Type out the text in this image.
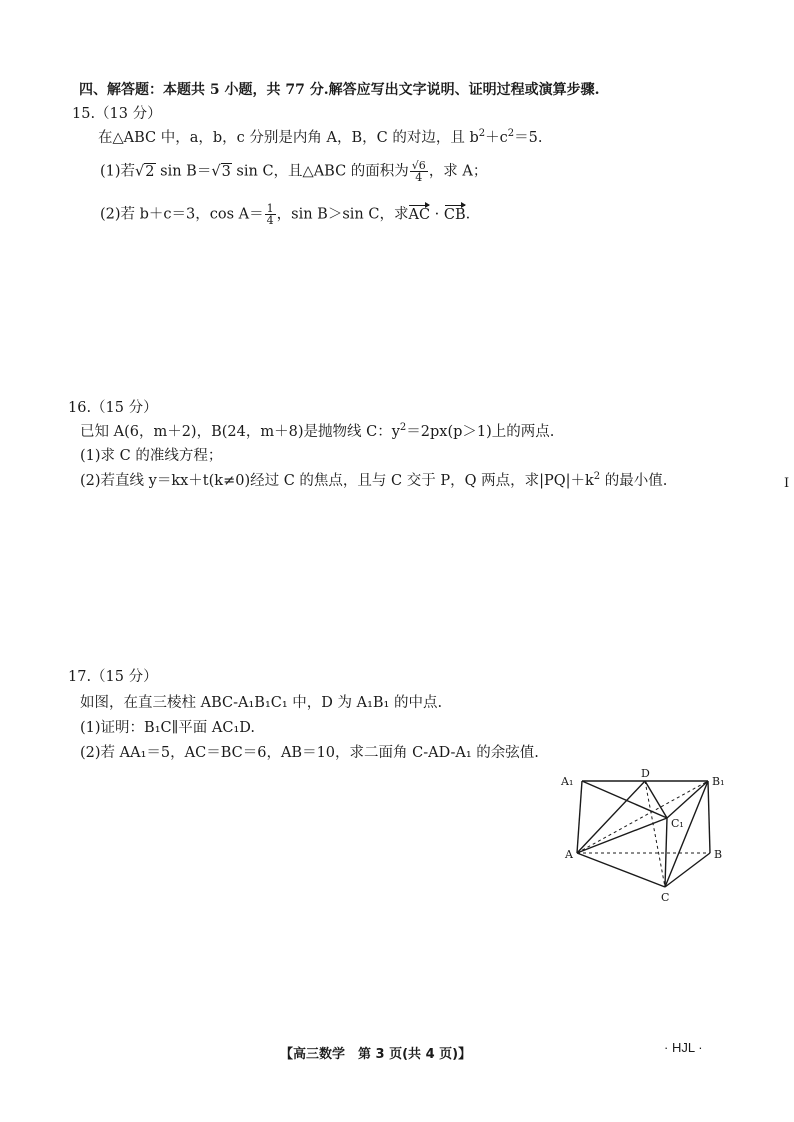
四、解答题：本题共 5 小题，共 77 分.解答应写出文字说明、证明过程或演算步骤.
15.（13 分）
在△ABC 中，a，b，c 分别是内角 A，B，C 的对边，且 $b^2+c^2=5$.
(1)若√2 sin B＝√3 sin C，且△ABC 的面积为 $\frac{√6}{4}$ ，求 A；
(2)若 b＋c＝3，$\cos A= \frac{1}{4}$ ，sin B＞sin C，求AC · CB.
16.（15 分）
已知 A(6，m＋2)，B(24，m＋8)是抛物线 C：$y^2=2px(p>1)$上的两点.
(1)求 C 的准线方程；
(2)若直线 y＝kx＋t(k≠0)经过 C 的焦点，且与 C 交于 P，Q 两点，求$|PQ|+k^2$ 的最小值.	I
17.（15 分）
如图，在直三棱柱 ABC-A₁B₁C₁ 中，D 为 A₁B₁ 的中点.
(1)证明：B₁C∥平面 AC₁D.
(2)若 AA₁＝5，AC＝BC＝6，AB＝10，求二面角 C-AD-A₁ 的余弦值.
A₁
D
B₁
C₁
A	B
C
【高三数学　第 3 页(共 4 页)】	· HJL ·
